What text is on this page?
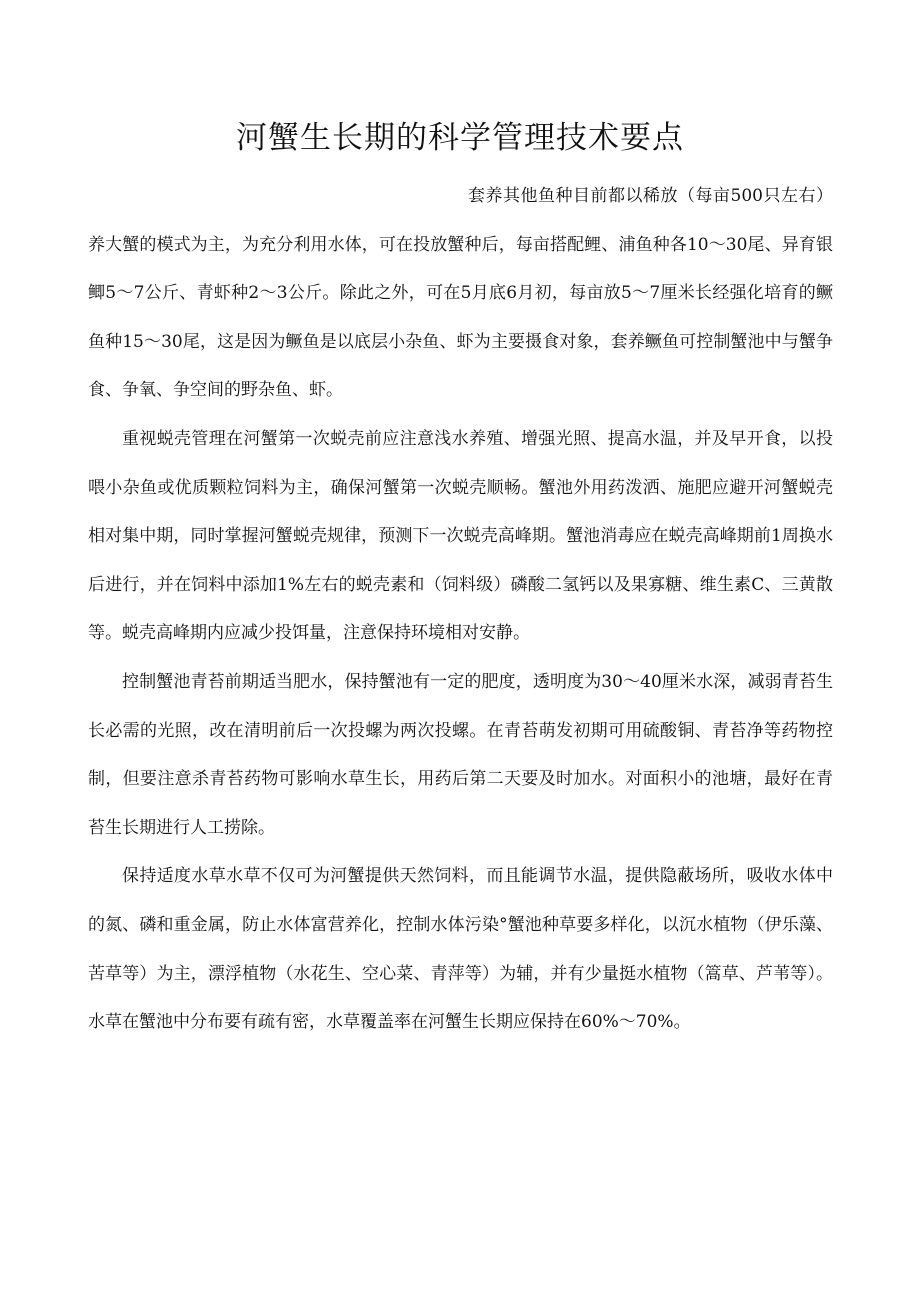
河蟹生长期的科学管理技术要点

套养其他鱼种目前都以稀放（每亩500只左右）养大蟹的模式为主，为充分利用水体，可在投放蟹种后，每亩搭配鲤、浦鱼种各10～30尾、异育银鲫5～7公斤、青虾种2～3公斤。除此之外，可在5月底6月初，每亩放5～7厘米长经强化培育的鳜鱼种15～30尾，这是因为鳜鱼是以底层小杂鱼、虾为主要摄食对象，套养鳜鱼可控制蟹池中与蟹争食、争氧、争空间的野杂鱼、虾。

重视蜕壳管理在河蟹第一次蜕壳前应注意浅水养殖、增强光照、提高水温，并及早开食，以投喂小杂鱼或优质颗粒饲料为主，确保河蟹第一次蜕壳顺畅。蟹池外用药泼洒、施肥应避开河蟹蜕壳相对集中期，同时掌握河蟹蜕壳规律，预测下一次蜕壳高峰期。蟹池消毒应在蜕壳高峰期前1周换水后进行，并在饲料中添加1%左右的蜕壳素和（饲料级）磷酸二氢钙以及果寡糖、维生素C、三黄散等。蜕壳高峰期内应减少投饵量，注意保持环境相对安静。

控制蟹池青苔前期适当肥水，保持蟹池有一定的肥度，透明度为30～40厘米水深，减弱青苔生长必需的光照，改在清明前后一次投螺为两次投螺。在青苔萌发初期可用硫酸铜、青苔净等药物控制，但要注意杀青苔药物可影响水草生长，用药后第二天要及时加水。对面积小的池塘，最好在青苔生长期进行人工捞除。

保持适度水草水草不仅可为河蟹提供天然饲料，而且能调节水温，提供隐蔽场所，吸收水体中的氮、磷和重金属，防止水体富营养化，控制水体污染°蟹池种草要多样化，以沉水植物（伊乐藻、苦草等）为主，漂浮植物（水花生、空心菜、青萍等）为辅，并有少量挺水植物（篙草、芦苇等）。水草在蟹池中分布要有疏有密，水草覆盖率在河蟹生长期应保持在60%～70%。
